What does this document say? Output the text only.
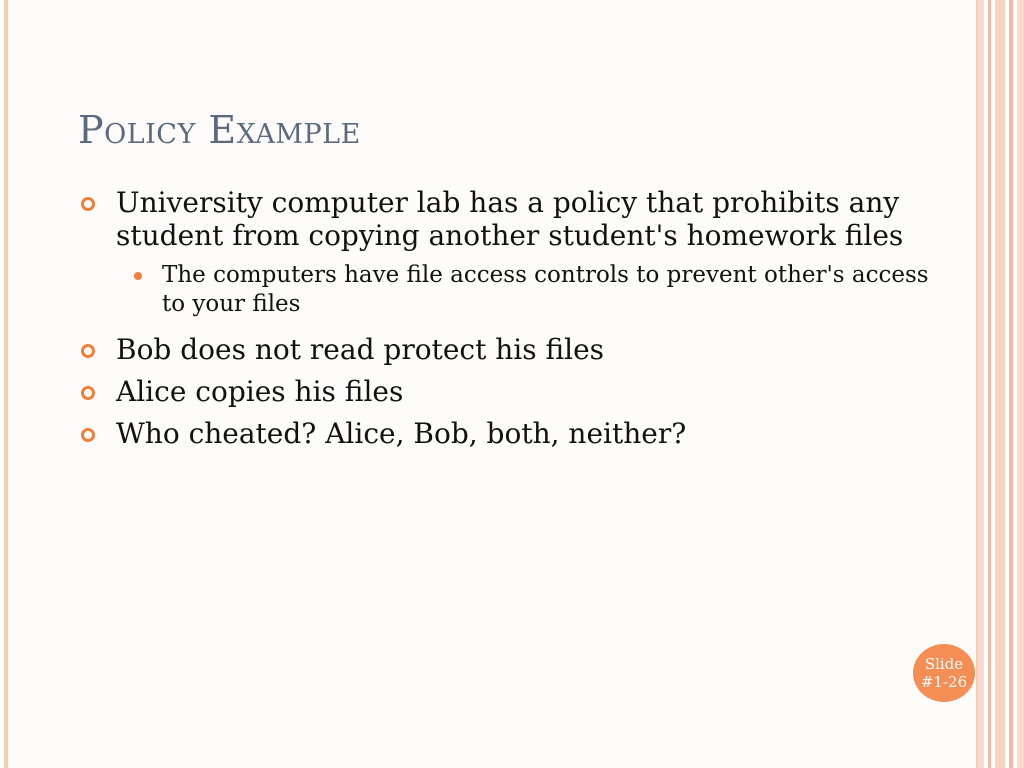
Policy Example
University computer lab has a policy that prohibits any student from copying another student's homework files
The computers have file access controls to prevent other's access to your files
Bob does not read protect his files
Alice copies his files
Who cheated? Alice, Bob, both, neither?
Slide
#1-26
